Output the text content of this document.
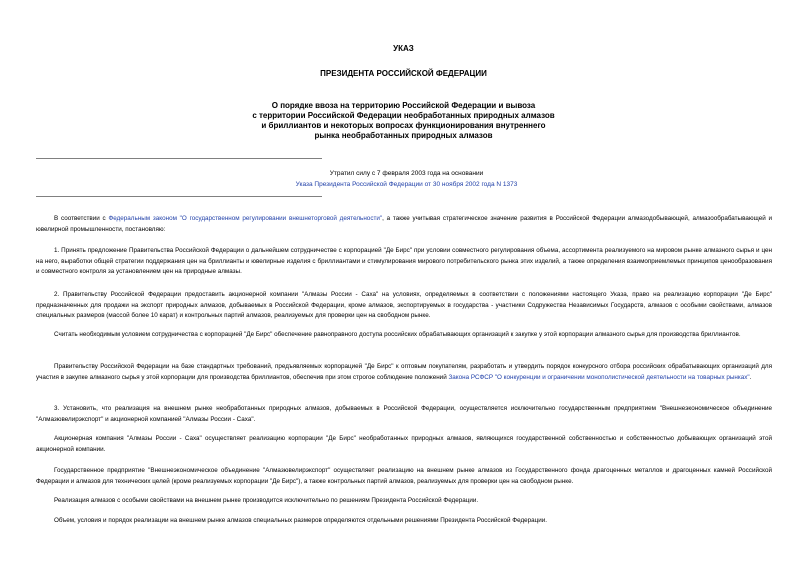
УКАЗ
ПРЕЗИДЕНТА РОССИЙСКОЙ ФЕДЕРАЦИИ
О порядке ввоза на территорию Российской Федерации и вывоза
с территории Российской Федерации необработанных природных алмазов
и бриллиантов и некоторых вопросах функционирования внутреннего
рынка необработанных природных алмазов
Утратил силу с 7 февраля 2003 года на основании
Указа Президента Российской Федерации от 30 ноября 2002 года N 1373
В соответствии с Федеральным законом "О государственном регулировании внешнеторговой деятельности", а также учитывая стратегическое значение развития в Российской Федерации алмазодобывающей, алмазообрабатывающей и ювелирной промышленности, постановляю:
1. Принять предложение Правительства Российской Федерации о дальнейшем сотрудничестве с корпорацией "Де Бирс" при условии совместного регулирования объема, ассортимента реализуемого на мировом рынке алмазного сырья и цен на него, выработки общей стратегии поддержания цен на бриллианты и ювелирные изделия с бриллиантами и стимулирования мирового потребительского рынка этих изделий, а также определения взаимоприемлемых принципов ценообразования и совместного контроля за установлением цен на природные алмазы.
2. Правительству Российской Федерации предоставить акционерной компании "Алмазы России - Саха" на условиях, определяемых в соответствии с положениями настоящего Указа, право на реализацию корпорации "Де Бирс" предназначенных для продажи на экспорт природных алмазов, добываемых в Российской Федерации, кроме алмазов, экспортируемых в государства - участники Содружества Независимых Государств, алмазов с особыми свойствами, алмазов специальных размеров (массой более 10 карат) и контрольных партий алмазов, реализуемых для проверки цен на свободном рынке.
Считать необходимым условием сотрудничества с корпорацией "Де Бирс" обеспечение равноправного доступа российских обрабатывающих организаций к закупке у этой корпорации алмазного сырья для производства бриллиантов.
Правительству Российской Федерации на базе стандартных требований, предъявляемых корпорацией "Де Бирс" к оптовым покупателям, разработать и утвердить порядок конкурсного отбора российских обрабатывающих организаций для участия в закупке алмазного сырья у этой корпорации для производства бриллиантов, обеспечив при этом строгое соблюдение положений Закона РСФСР "О конкуренции и ограничении монополистической деятельности на товарных рынках".
3. Установить, что реализация на внешнем рынке необработанных природных алмазов, добываемых в Российской Федерации, осуществляется исключительно государственным предприятием "Внешнеэкономическое объединение "Алмазювелирэкспорт" и акционерной компанией "Алмазы России - Саха".
Акционерная компания "Алмазы России - Саха" осуществляет реализацию корпорации "Де Бирс" необработанных природных алмазов, являющихся государственной собственностью и собственностью добывающих организаций этой акционерной компании.
Государственное предприятие "Внешнеэкономическое объединение "Алмазювелирэкспорт" осуществляет реализацию на внешнем рынке алмазов из Государственного фонда драгоценных металлов и драгоценных камней Российской Федерации и алмазов для технических целей (кроме реализуемых корпорации "Де Бирс"), а также контрольных партий алмазов, реализуемых для проверки цен на свободном рынке.
Реализация алмазов с особыми свойствами на внешнем рынке производится исключительно по решениям Президента Российской Федерации.
Объем, условия и порядок реализации на внешнем рынке алмазов специальных размеров определяются отдельными решениями Президента Российской Федерации.
